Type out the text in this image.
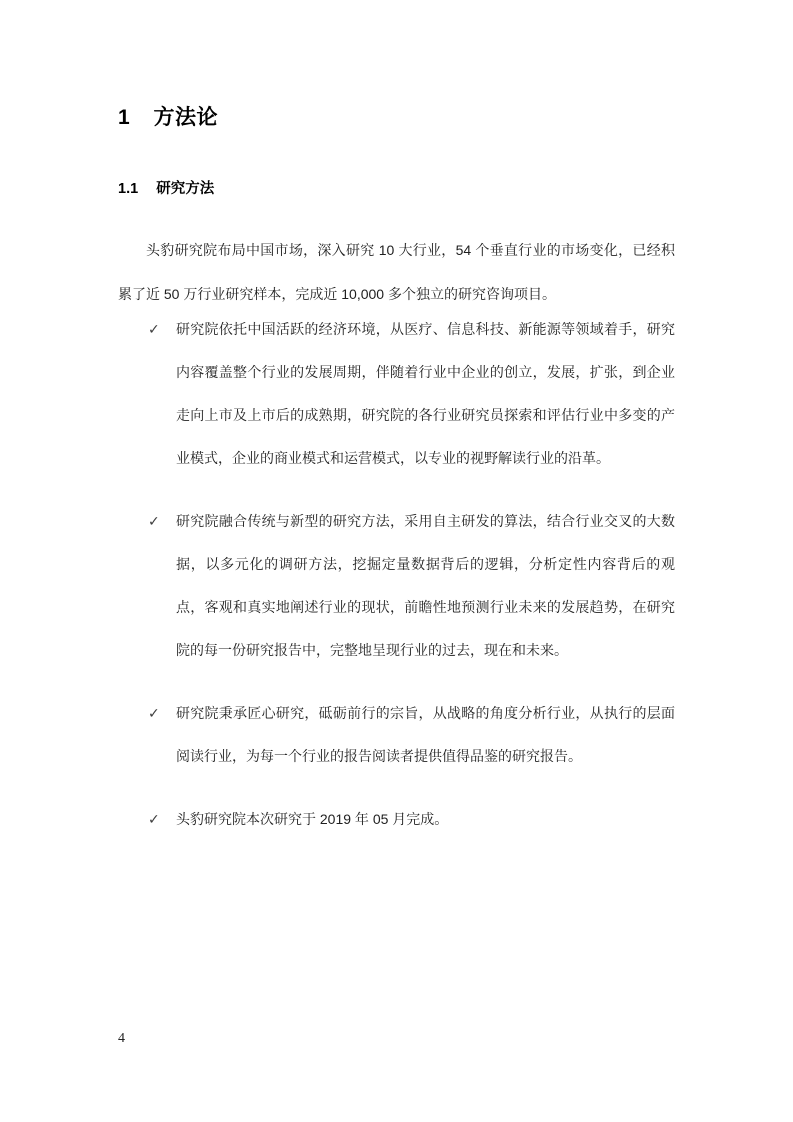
1 方法论
1.1 研究方法

头豹研究院布局中国市场，深入研究 10 大行业，54 个垂直行业的市场变化，已经积累了近 50 万行业研究样本，完成近 10,000 多个独立的研究咨询项目。

✓ 研究院依托中国活跃的经济环境，从医疗、信息科技、新能源等领域着手，研究内容覆盖整个行业的发展周期，伴随着行业中企业的创立，发展，扩张，到企业走向上市及上市后的成熟期，研究院的各行业研究员探索和评估行业中多变的产业模式，企业的商业模式和运营模式，以专业的视野解读行业的沿革。
✓ 研究院融合传统与新型的研究方法，采用自主研发的算法，结合行业交叉的大数据，以多元化的调研方法，挖掘定量数据背后的逻辑，分析定性内容背后的观点，客观和真实地阐述行业的现状，前瞻性地预测行业未来的发展趋势，在研究院的每一份研究报告中，完整地呈现行业的过去，现在和未来。
✓ 研究院秉承匠心研究，砥砺前行的宗旨，从战略的角度分析行业，从执行的层面阅读行业，为每一个行业的报告阅读者提供值得品鉴的研究报告。
✓ 头豹研究院本次研究于 2019 年 05 月完成。
4
